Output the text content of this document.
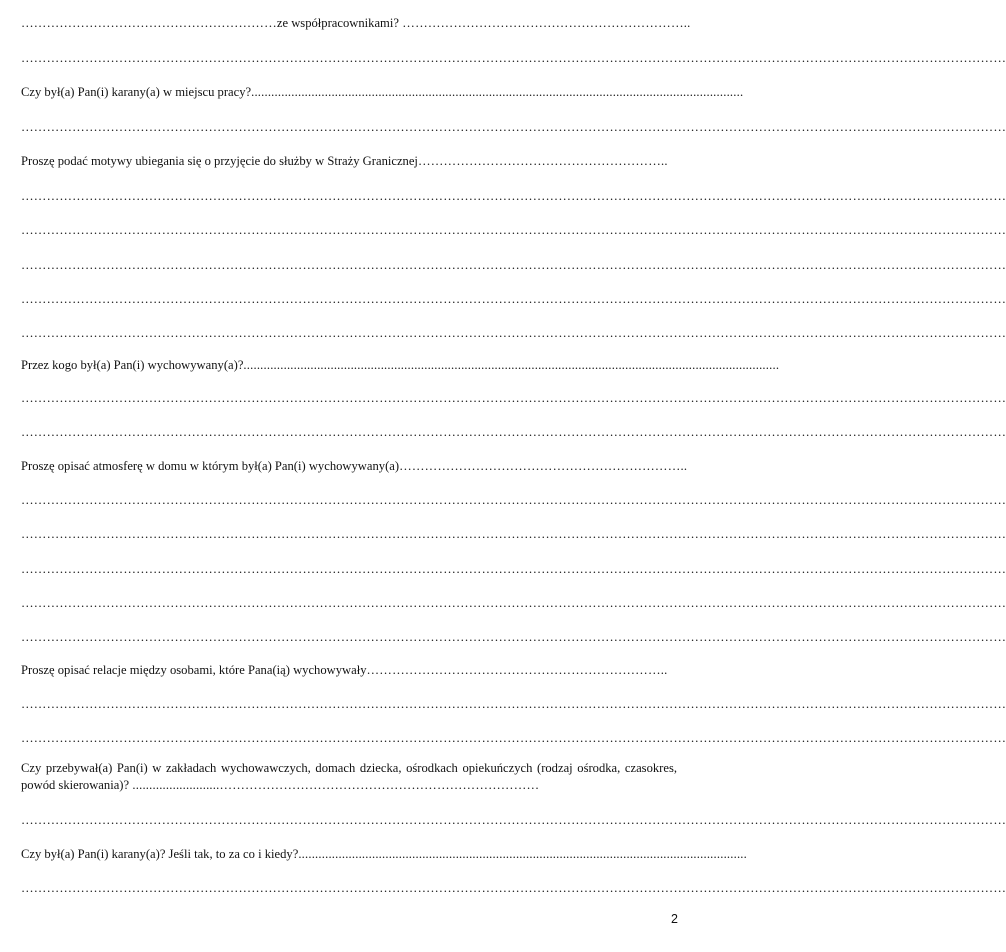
……………………………………………………ze współpracownikami? …………………………………………………………..
……………………………………………………………………………………………………………………………………………………………………………………………………………
Czy był(a) Pan(i) karany(a) w miejscu pracy?...................................................................................................................................................
……………………………………………………………………………………………………………………………………………………………………………………………………………
Proszę podać motywy ubiegania się o przyjęcie do służby w Straży Granicznej…………………………………………………..
……………………………………………………………………………………………………………………………………………………………………………………………………………
……………………………………………………………………………………………………………………………………………………………………………………………………………
……………………………………………………………………………………………………………………………………………………………………………………………………………
……………………………………………………………………………………………………………………………………………………………………………………………………………
……………………………………………………………………………………………………………………………………………………………………………………………………………
Przez kogo był(a) Pan(i) wychowywany(a)?................................................................................................................................................................
……………………………………………………………………………………………………………………………………………………………………………………………………………
……………………………………………………………………………………………………………………………………………………………………………………………………………
Proszę opisać atmosferę w domu w którym był(a) Pan(i) wychowywany(a)…………………………………………………………..
……………………………………………………………………………………………………………………………………………………………………………………………………………
……………………………………………………………………………………………………………………………………………………………………………………………………………
……………………………………………………………………………………………………………………………………………………………………………………………………………
……………………………………………………………………………………………………………………………………………………………………………………………………………
……………………………………………………………………………………………………………………………………………………………………………………………………………
Proszę opisać relacje między osobami, które Pana(ią) wychowywały……………………………………………………………..
……………………………………………………………………………………………………………………………………………………………………………………………………………
……………………………………………………………………………………………………………………………………………………………………………………………………………
Czy przebywał(a) Pan(i) w zakładach wychowawczych, domach dziecka, ośrodkach opiekuńczych (rodzaj ośrodka, czasokres, powód skierowania)? ..........................…………………………………………………………………
……………………………………………………………………………………………………………………………………………………………………………………………………………
Czy był(a) Pan(i) karany(a)? Jeśli tak, to za co i kiedy?......................................................................................................................................
……………………………………………………………………………………………………………………………………………………………………………………………………………
2
